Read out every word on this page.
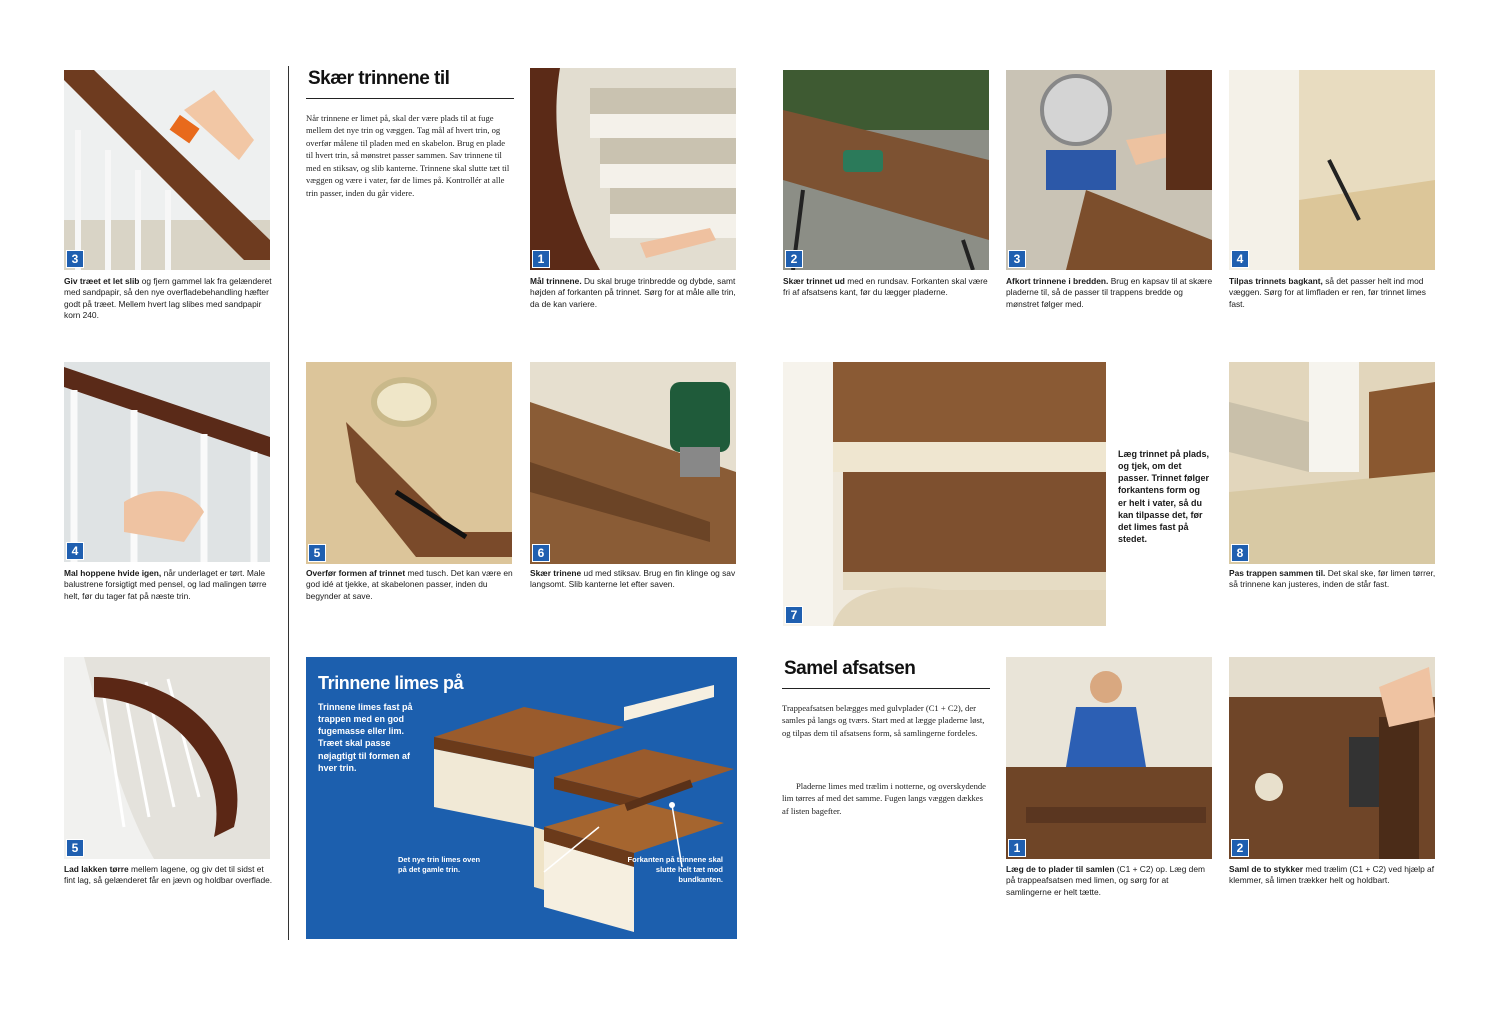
3
Giv træet et let slib og fjern gammel lak fra gelænderet med sandpapir, så den nye overfladebehandling hæfter godt på træet. Mellem hvert lag slibes med sandpapir korn 240.
4
Mal hoppene hvide igen, når underlaget er tørt. Male balustrene forsigtigt med pensel, og lad malingen tørre helt, før du tager fat på næste trin.
5
Lad lakken tørre mellem lagene, og giv det til sidst et fint lag, så gelænderet får en jævn og holdbar overflade.
Skær trinnene til

Når trinnene er limet på, skal der være plads til at fuge mellem det nye trin og væggen. Tag mål af hvert trin, og overfør målene til pladen med en skabelon. Brug en plade til hvert trin, så mønstret passer sammen. Sav trinnene til med en stiksav, og slib kanterne. Trinnene skal slutte tæt til væggen og være i vater, før de limes på. Kontrollér at alle trin passer, inden du går videre.

1
Mål trinnene. Du skal bruge trinbredde og dybde, samt højden af forkanten på trinnet. Sørg for at måle alle trin, da de kan variere.
5
Overfør formen af trinnet med tusch. Det kan være en god idé at tjekke, at skabelonen passer, inden du begynder at save.
6
Skær trinene ud med stiksav. Brug en fin klinge og sav langsomt. Slib kanterne let efter saven.
Trinnene limes på
Trinnene limes fast på trappen med en god fugemasse eller lim. Træet skal passe nøjagtigt til formen af hver trin.
Det nye trin limes oven på det gamle trin.
Forkanten på trinnene skal slutte helt tæt mod bundkanten.
2
Skær trinnet ud med en rundsav. Forkanten skal være fri af afsatsens kant, før du lægger pladerne.
3
Afkort trinnene i bredden. Brug en kapsav til at skære pladerne til, så de passer til trappens bredde og mønstret følger med.
4
Tilpas trinnets bagkant, så det passer helt ind mod væggen. Sørg for at limfladen er ren, før trinnet limes fast.
7
Læg trinnet på plads, og tjek, om det passer. Trinnet følger forkantens form og er helt i vater, så du kan tilpasse det, før det limes fast på stedet.
8
Pas trappen sammen til. Det skal ske, før limen tørrer, så trinnene kan justeres, inden de står fast.
Samel afsatsen

Trappeafsatsen belægges med gulvplader (C1 + C2), der samles på langs og tværs. Start med at lægge pladerne løst, og tilpas dem til afsatsens form, så samlingerne fordeles.

Pladerne limes med trælim i notterne, og overskydende lim tørres af med det samme. Fugen langs væggen dækkes af listen bagefter.

1
Læg de to plader til samlen (C1 + C2) op. Læg dem på trappeafsatsen med limen, og sørg for at samlingerne er helt tætte.
2
Saml de to stykker med trælim (C1 + C2) ved hjælp af klemmer, så limen trækker helt og holdbart.
